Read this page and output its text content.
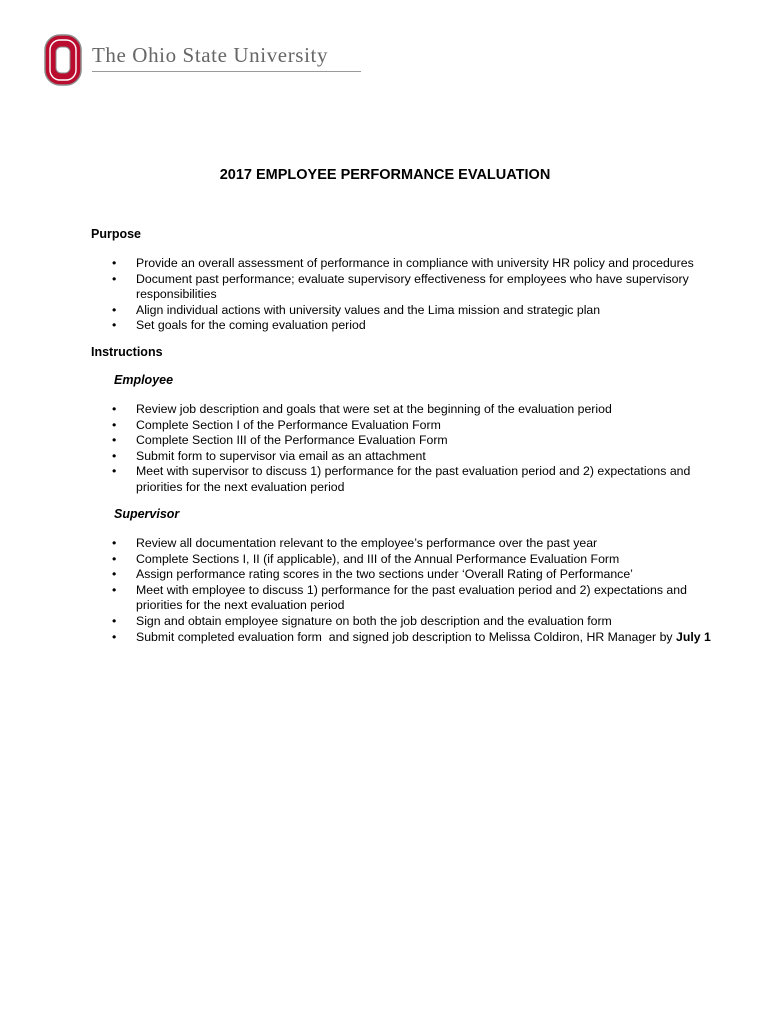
The Ohio State University
2017 EMPLOYEE PERFORMANCE EVALUATION
Purpose
• Provide an overall assessment of performance in compliance with university HR policy and procedures
• Document past performance; evaluate supervisory effectiveness for employees who have supervisory responsibilities
• Align individual actions with university values and the Lima mission and strategic plan
• Set goals for the coming evaluation period
Instructions
Employee
• Review job description and goals that were set at the beginning of the evaluation period
• Complete Section I of the Performance Evaluation Form
• Complete Section III of the Performance Evaluation Form
• Submit form to supervisor via email as an attachment
• Meet with supervisor to discuss 1) performance for the past evaluation period and 2) expectations and priorities for the next evaluation period
Supervisor
• Review all documentation relevant to the employee’s performance over the past year
• Complete Sections I, II (if applicable), and III of the Annual Performance Evaluation Form
• Assign performance rating scores in the two sections under ‘Overall Rating of Performance’
• Meet with employee to discuss 1) performance for the past evaluation period and 2) expectations and priorities for the next evaluation period
• Sign and obtain employee signature on both the job description and the evaluation form
• Submit completed evaluation form  and signed job description to Melissa Coldiron, HR Manager by July 1
